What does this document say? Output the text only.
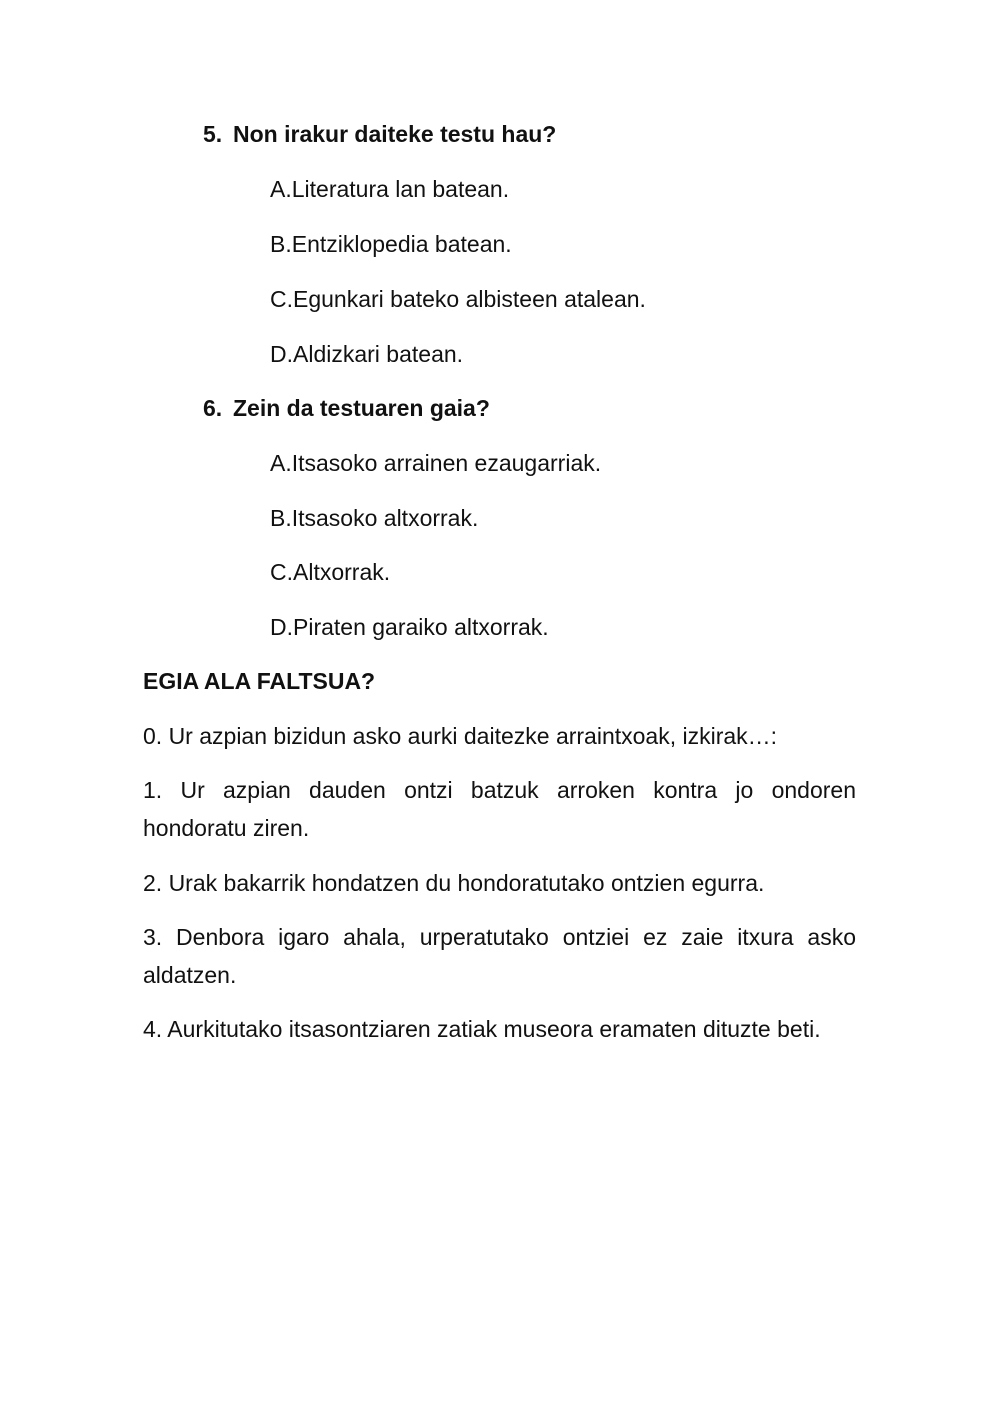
5. Non irakur daiteke testu hau?
A.Literatura lan batean.
B.Entziklopedia batean.
C.Egunkari bateko albisteen atalean.
D.Aldizkari batean.
6. Zein da testuaren gaia?
A.Itsasoko arrainen ezaugarriak.
B.Itsasoko altxorrak.
C.Altxorrak.
D.Piraten garaiko altxorrak.
EGIA ALA FALTSUA?
0. Ur azpian bizidun asko aurki daitezke arraintxoak, izkirak…:
1. Ur azpian dauden ontzi batzuk arroken kontra jo ondoren hondoratu ziren.
2. Urak bakarrik hondatzen du hondoratutako ontzien egurra.
3. Denbora igaro ahala, urperatutako ontziei ez zaie itxura asko aldatzen.
4. Aurkitutako itsasontziaren zatiak museora eramaten dituzte beti.
